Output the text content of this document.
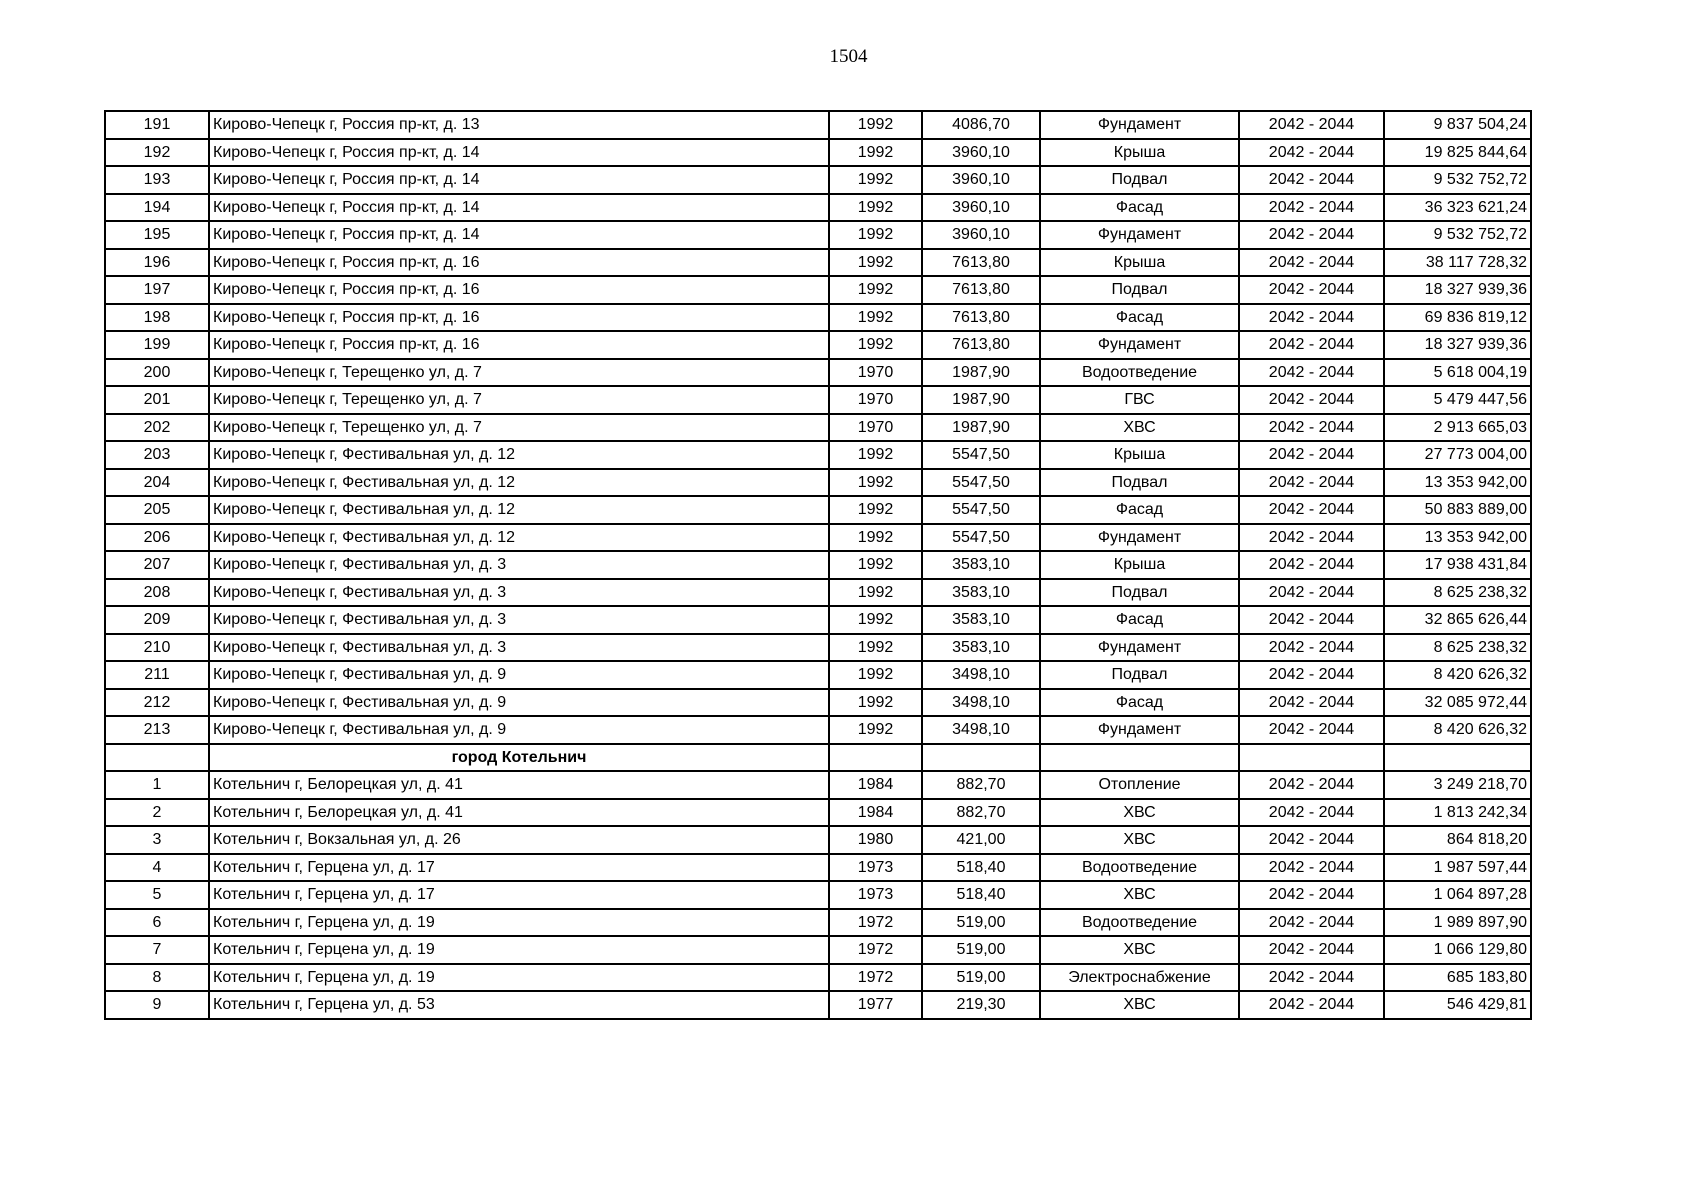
1504
191	Кирово-Чепецк г, Россия пр-кт, д. 13	1992	4086,70	Фундамент	2042 - 2044	9 837 504,24
192	Кирово-Чепецк г, Россия пр-кт, д. 14	1992	3960,10	Крыша	2042 - 2044	19 825 844,64
193	Кирово-Чепецк г, Россия пр-кт, д. 14	1992	3960,10	Подвал	2042 - 2044	9 532 752,72
194	Кирово-Чепецк г, Россия пр-кт, д. 14	1992	3960,10	Фасад	2042 - 2044	36 323 621,24
195	Кирово-Чепецк г, Россия пр-кт, д. 14	1992	3960,10	Фундамент	2042 - 2044	9 532 752,72
196	Кирово-Чепецк г, Россия пр-кт, д. 16	1992	7613,80	Крыша	2042 - 2044	38 117 728,32
197	Кирово-Чепецк г, Россия пр-кт, д. 16	1992	7613,80	Подвал	2042 - 2044	18 327 939,36
198	Кирово-Чепецк г, Россия пр-кт, д. 16	1992	7613,80	Фасад	2042 - 2044	69 836 819,12
199	Кирово-Чепецк г, Россия пр-кт, д. 16	1992	7613,80	Фундамент	2042 - 2044	18 327 939,36
200	Кирово-Чепецк г, Терещенко ул, д. 7	1970	1987,90	Водоотведение	2042 - 2044	5 618 004,19
201	Кирово-Чепецк г, Терещенко ул, д. 7	1970	1987,90	ГВС	2042 - 2044	5 479 447,56
202	Кирово-Чепецк г, Терещенко ул, д. 7	1970	1987,90	ХВС	2042 - 2044	2 913 665,03
203	Кирово-Чепецк г, Фестивальная ул, д. 12	1992	5547,50	Крыша	2042 - 2044	27 773 004,00
204	Кирово-Чепецк г, Фестивальная ул, д. 12	1992	5547,50	Подвал	2042 - 2044	13 353 942,00
205	Кирово-Чепецк г, Фестивальная ул, д. 12	1992	5547,50	Фасад	2042 - 2044	50 883 889,00
206	Кирово-Чепецк г, Фестивальная ул, д. 12	1992	5547,50	Фундамент	2042 - 2044	13 353 942,00
207	Кирово-Чепецк г, Фестивальная ул, д. 3	1992	3583,10	Крыша	2042 - 2044	17 938 431,84
208	Кирово-Чепецк г, Фестивальная ул, д. 3	1992	3583,10	Подвал	2042 - 2044	8 625 238,32
209	Кирово-Чепецк г, Фестивальная ул, д. 3	1992	3583,10	Фасад	2042 - 2044	32 865 626,44
210	Кирово-Чепецк г, Фестивальная ул, д. 3	1992	3583,10	Фундамент	2042 - 2044	8 625 238,32
211	Кирово-Чепецк г, Фестивальная ул, д. 9	1992	3498,10	Подвал	2042 - 2044	8 420 626,32
212	Кирово-Чепецк г, Фестивальная ул, д. 9	1992	3498,10	Фасад	2042 - 2044	32 085 972,44
213	Кирово-Чепецк г, Фестивальная ул, д. 9	1992	3498,10	Фундамент	2042 - 2044	8 420 626,32
	город Котельнич					
1	Котельнич г, Белорецкая ул, д. 41	1984	882,70	Отопление	2042 - 2044	3 249 218,70
2	Котельнич г, Белорецкая ул, д. 41	1984	882,70	ХВС	2042 - 2044	1 813 242,34
3	Котельнич г, Вокзальная ул, д. 26	1980	421,00	ХВС	2042 - 2044	864 818,20
4	Котельнич г, Герцена ул, д. 17	1973	518,40	Водоотведение	2042 - 2044	1 987 597,44
5	Котельнич г, Герцена ул, д. 17	1973	518,40	ХВС	2042 - 2044	1 064 897,28
6	Котельнич г, Герцена ул, д. 19	1972	519,00	Водоотведение	2042 - 2044	1 989 897,90
7	Котельнич г, Герцена ул, д. 19	1972	519,00	ХВС	2042 - 2044	1 066 129,80
8	Котельнич г, Герцена ул, д. 19	1972	519,00	Электроснабжение	2042 - 2044	685 183,80
9	Котельнич г, Герцена ул, д. 53	1977	219,30	ХВС	2042 - 2044	546 429,81
